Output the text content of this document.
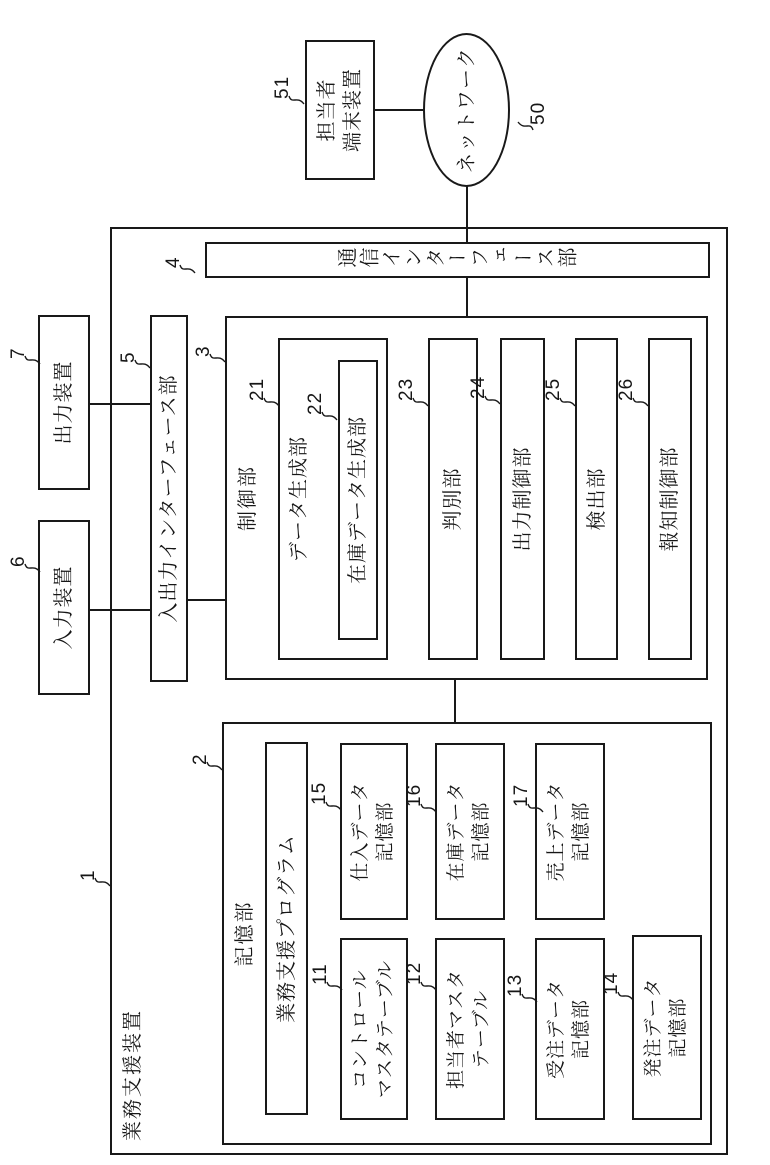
業務支援装置
1
入力装置
6
出力装置
7
入出力インターフェース部
5
通信インターフェース部
4
制御部
3
データ生成部
21
在庫データ生成部
22
判別部
23
出力制御部
24
検出部
25
報知制御部
26
記憶部
2
業務支援プログラム
コントロール
マスタテーブル
11
仕入データ
記憶部
15
担当者マスタ
テーブル
12
在庫データ
記憶部
16
受注データ
記憶部
13
売上データ
記憶部
17
発注データ
記憶部
14
担当者
端末装置
51	ネットワーク	50
